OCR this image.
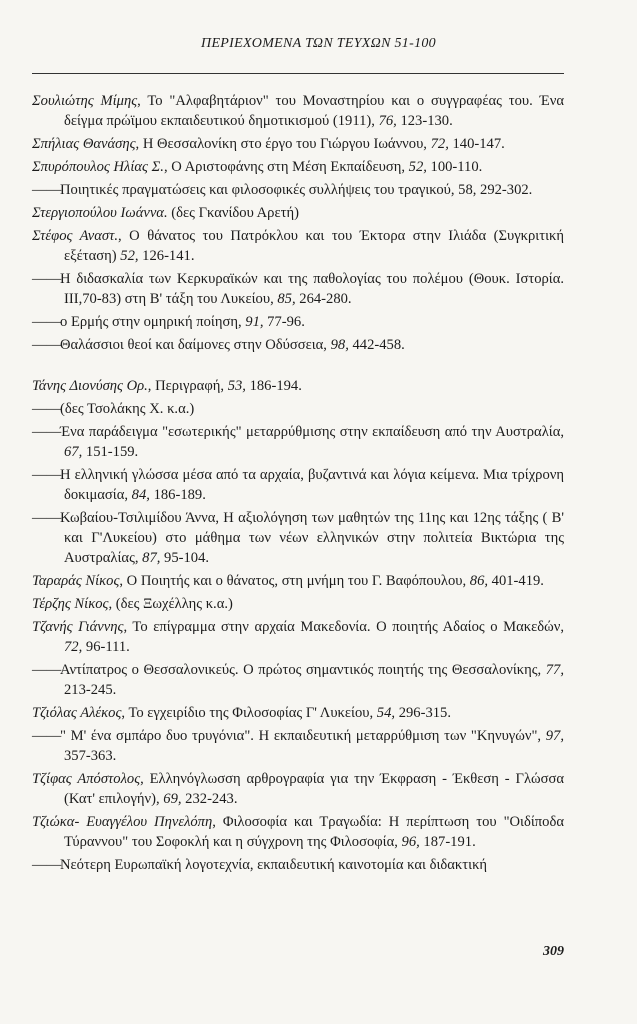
ΠΕΡΙΕΧΟΜΕΝΑ ΤΩΝ ΤΕΥΧΩΝ 51-100

Σουλιώτης Μίμης, Το "Αλφαβητάριον" του Μοναστηρίου και ο συγγραφέας του. Ένα δείγμα πρώϊμου εκπαιδευτικού δημοτικισμού (1911), 76, 123-130.

Σπήλιας Θανάσης, Η Θεσσαλονίκη στο έργο του Γιώργου Ιωάννου, 72, 140-147.

Σπυρόπουλος Ηλίας Σ., Ο Αριστοφάνης στη Μέση Εκπαίδευση, 52, 100-110.

——Ποιητικές πραγματώσεις και φιλοσοφικές συλλήψεις του τραγικού, 58, 292-302.

Στεργιοπούλου Ιωάννα. (δες Γκανίδου Αρετή)

Στέφος Αναστ., Ο θάνατος του Πατρόκλου και του Έκτορα στην Ιλιάδα (Συγκριτική εξέταση) 52, 126-141.

——Η διδασκαλία των Κερκυραϊκών και της παθολογίας του πολέμου (Θουκ. Ιστορία. ΙΙΙ,70-83) στη Β' τάξη του Λυκείου, 85, 264-280.

——ο Ερμής στην ομηρική ποίηση, 91, 77-96.

——Θαλάσσιοι θεοί και δαίμονες στην Οδύσσεια, 98, 442-458.

Τάνης Διονύσης Ορ., Περιγραφή, 53, 186-194.

——(δες Τσολάκης Χ. κ.α.)

——Ένα παράδειγμα "εσωτερικής" μεταρρύθμισης στην εκπαίδευση από την Αυστραλία, 67, 151-159.

——Η ελληνική γλώσσα μέσα από τα αρχαία, βυζαντινά και λόγια κείμενα. Μια τρίχρονη δοκιμασία, 84, 186-189.

——Κωβαίου-Τσιλιμίδου Άννα, Η αξιολόγηση των μαθητών της 11ης και 12ης τάξης ( Β' και Γ'Λυκείου) στο μάθημα των νέων ελληνικών στην πολιτεία Βικτώρια της Αυστραλίας, 87, 95-104.

Ταραράς Νίκος, Ο Ποιητής και ο θάνατος, στη μνήμη του Γ. Βαφόπουλου, 86, 401-419.

Τέρζης Νίκος, (δες Ξωχέλλης κ.α.)

Τζανής Γιάννης, Το επίγραμμα στην αρχαία Μακεδονία. Ο ποιητής Αδαίος ο Μακεδών, 72, 96-111.

——Αντίπατρος ο Θεσσαλονικεύς. Ο πρώτος σημαντικός ποιητής της Θεσσαλονίκης, 77, 213-245.

Τζιόλας Αλέκος, Το εγχειρίδιο της Φιλοσοφίας Γ' Λυκείου, 54, 296-315.

——" Μ' ένα σμπάρο δυο τρυγόνια". Η εκπαιδευτική μεταρρύθμιση των "Κηνυγών", 97, 357-363.

Τζίφας Απόστολος, Ελληνόγλωσση αρθρογραφία για την Έκφραση - Έκθεση - Γλώσσα (Κατ' επιλογήν), 69, 232-243.

Τζιώκα- Ευαγγέλου Πηνελόπη, Φιλοσοφία και Τραγωδία: Η περίπτωση του "Οιδίποδα Τύραννου" του Σοφοκλή και η σύγχρονη της Φιλοσοφία, 96, 187-191.

——Νεότερη Ευρωπαϊκή λογοτεχνία, εκπαιδευτική καινοτομία και διδακτική

309
